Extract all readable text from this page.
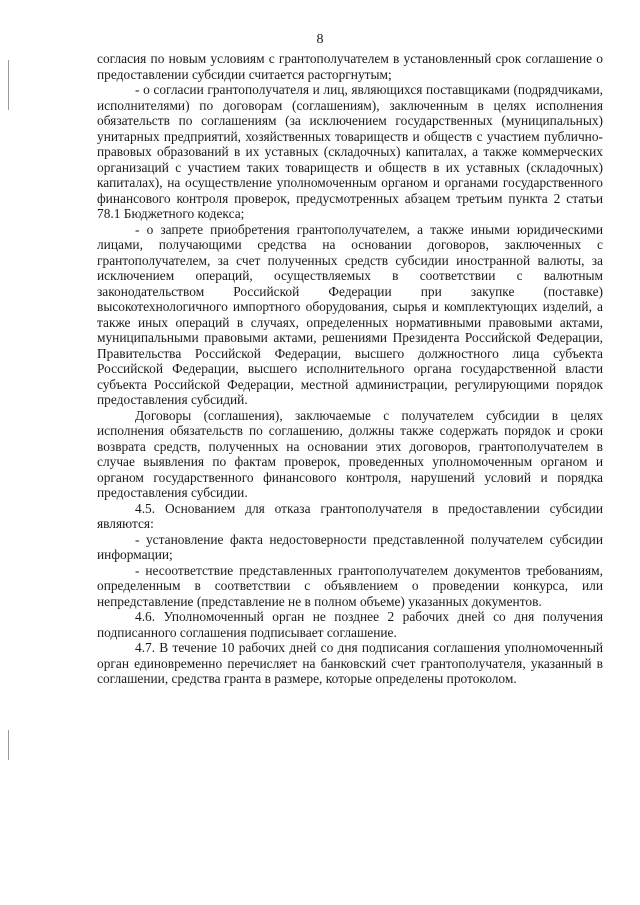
8

согласия по новым условиям с грантополучателем в установленный срок соглашение о предоставлении субсидии считается расторгнутым;

- о согласии грантополучателя и лиц, являющихся поставщиками (подрядчиками, исполнителями) по договорам (соглашениям), заключенным в целях исполнения обязательств по соглашениям (за исключением государственных (муниципальных) унитарных предприятий, хозяйственных товариществ и обществ с участием публично-правовых образований в их уставных (складочных) капиталах, а также коммерческих организаций с участием таких товариществ и обществ в их уставных (складочных) капиталах), на осуществление уполномоченным органом и органами государственного финансового контроля проверок, предусмотренных абзацем третьим пункта 2 статьи 78.1 Бюджетного кодекса;

- о запрете приобретения грантополучателем, а также иными юридическими лицами, получающими средства на основании договоров, заключенных с грантополучателем, за счет полученных средств субсидии иностранной валюты, за исключением операций, осуществляемых в соответствии с валютным законодательством Российской Федерации при закупке (поставке) высокотехнологичного импортного оборудования, сырья и комплектующих изделий, а также иных операций в случаях, определенных нормативными правовыми актами, муниципальными правовыми актами, решениями Президента Российской Федерации, Правительства Российской Федерации, высшего должностного лица субъекта Российской Федерации, высшего исполнительного органа государственной власти субъекта Российской Федерации, местной администрации, регулирующими порядок предоставления субсидий.

Договоры (соглашения), заключаемые с получателем субсидии в целях исполнения обязательств по соглашению, должны также содержать порядок и сроки возврата средств, полученных на основании этих договоров, грантополучателем в случае выявления по фактам проверок, проведенных уполномоченным органом и органом государственного финансового контроля, нарушений условий и порядка предоставления субсидии.

4.5. Основанием для отказа грантополучателя в предоставлении субсидии являются:

- установление факта недостоверности представленной получателем субсидии информации;

- несоответствие представленных грантополучателем документов требованиям, определенным в соответствии с объявлением о проведении конкурса, или непредставление (представление не в полном объеме) указанных документов.

4.6. Уполномоченный орган не позднее 2 рабочих дней со дня получения подписанного соглашения подписывает соглашение.

4.7. В течение 10 рабочих дней со дня подписания соглашения уполномоченный орган единовременно перечисляет на банковский счет грантополучателя, указанный в соглашении, средства гранта в размере, которые определены протоколом.
